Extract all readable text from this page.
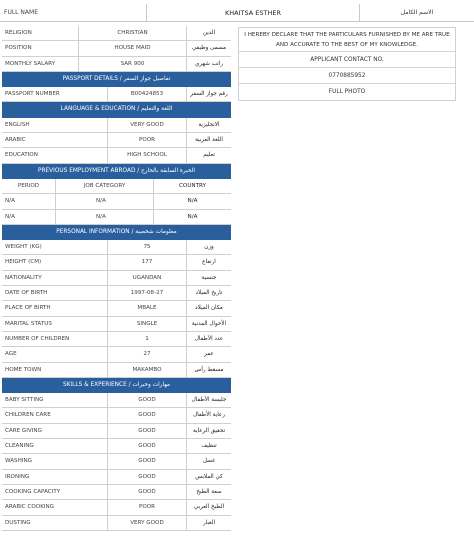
FULL NAME	KHAITSA ESTHER	الاسم الكامل
RELIGION	CHRISTIAN	الدين
POSITION	HOUSE MAID	مسمى وظيفي
MONTHLY SALARY	SAR 900	راتب شهري
PASSPORT DETAILS / تفاصيل جواز السفر
PASSPORT NUMBER	B00424853	رقم جواز السفر
LANGUAGE & EDUCATION / اللغة والتعليم
ENGLISH	VERY GOOD	الانجليزية
ARABIC	POOR	اللغة العربية
EDUCATION	HIGH SCHOOL	تعليم
PREVIOUS EMPLOYMENT ABROAD / الخبرة السابقة بالخارج
PERIOD	JOB CATEGORY	COUNTRY
N/A	N/A	N/A
N/A	N/A	N/A
PERSONAL INFORMATION / معلومات شخصية
WEIGHT (KG)	75	وزن
HEIGHT (CM)	177	ارتفاع
NATIONALITY	UGANDAN	جنسية
DATE OF BIRTH	1997-08-27	تاريخ الميلاد
PLACE OF BIRTH	MBALE	مكان الميلاد
MARITAL STATUS	SINGLE	الأحوال المدنية
NUMBER OF CHILDREN	1	عدد الأطفال
AGE	27	عمر
HOME TOWN	MAKAMBO	مسقط رأس
SKILLS & EXPERIENCE / مهارات وخبرات
BABY SITTING	GOOD	جليسة الأطفال
CHILDREN CARE	GOOD	رعاية الأطفال
CARE GIVING	GOOD	تحقيق الرعاية
CLEANING	GOOD	تنظيف
WASHING	GOOD	غسل
IRONING	GOOD	كي الملابس
COOKING CAPACITY	GOOD	سعة الطبخ
ARABIC COOKING	POOR	الطبخ العربي
DUSTING	VERY GOOD	الغبار
I HEREBY DECLARE THAT THE PARTICULARS FURNISHED BY ME ARE TRUE AND ACCURATE TO THE BEST OF MY KNOWLEDGE.
APPLICANT CONTACT NO.
0770885952
FULL PHOTO
